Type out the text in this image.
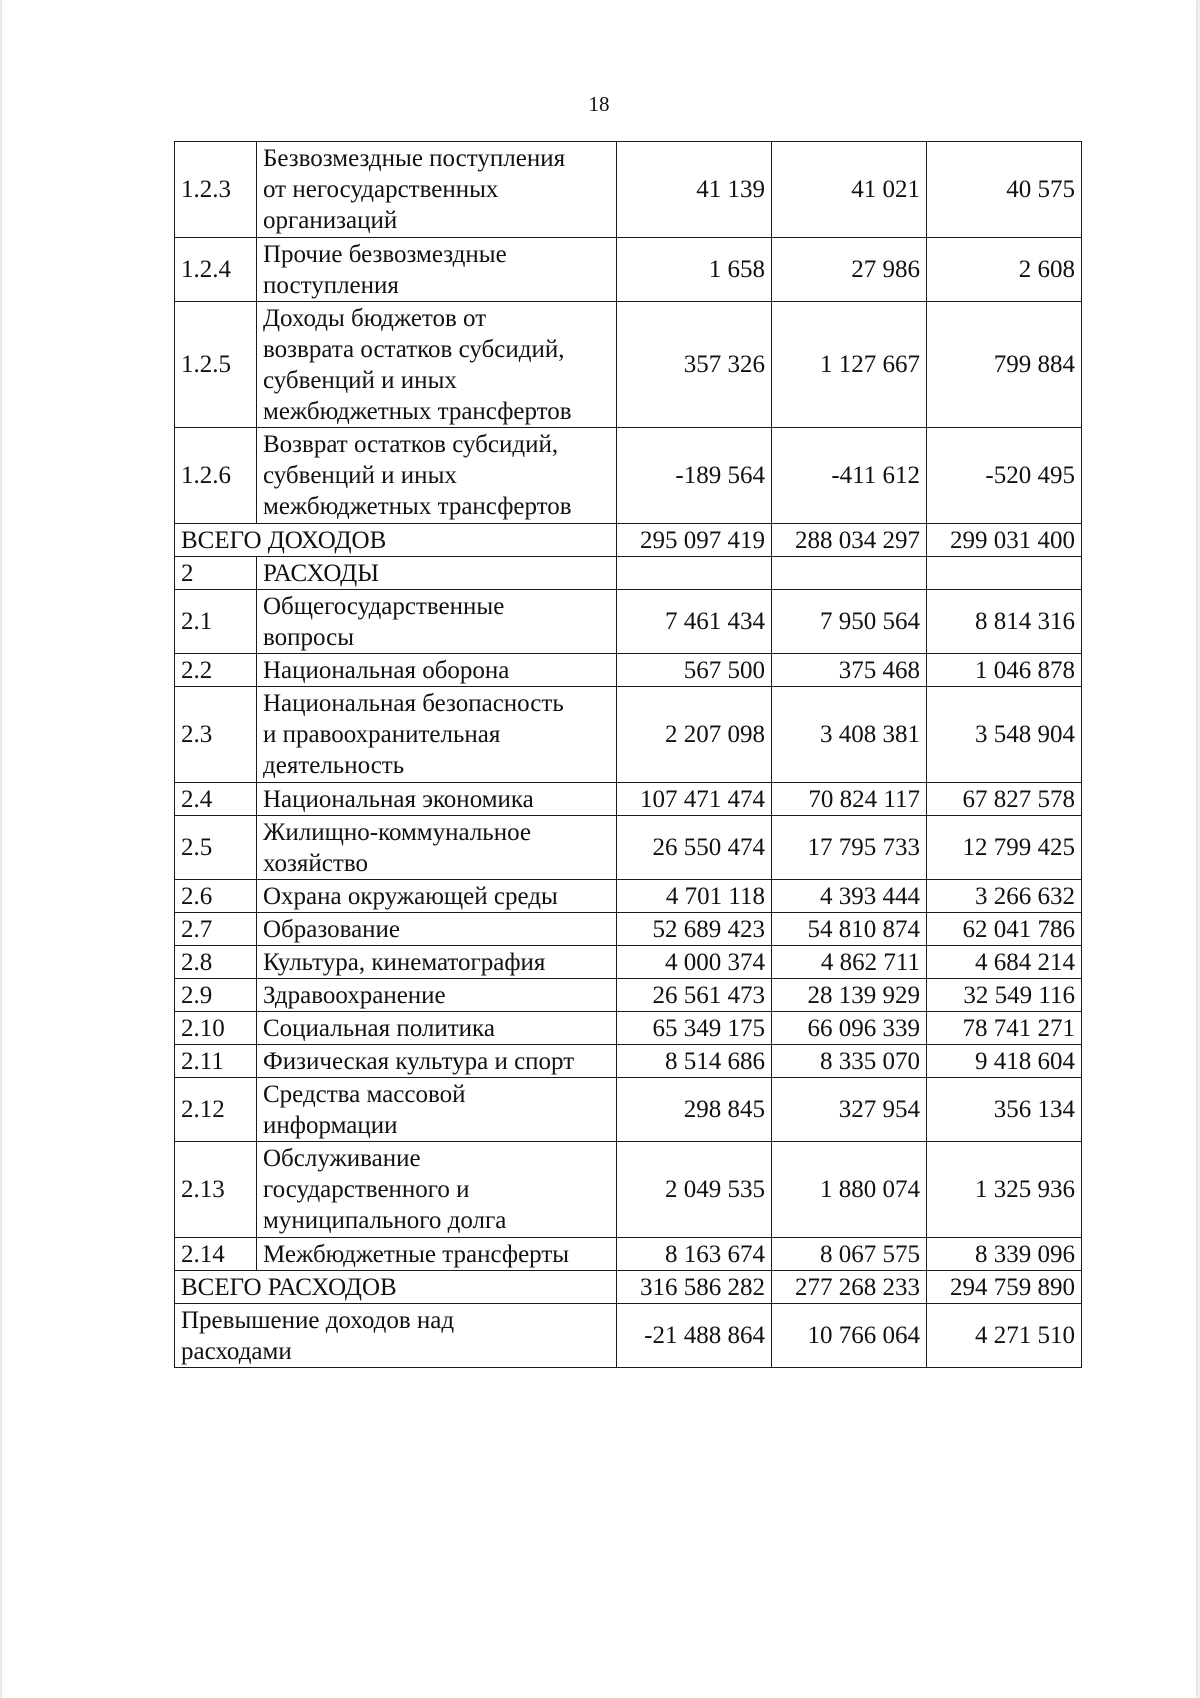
18
1.2.3	Безвозмездные поступления
от негосударственных
организаций	41 139	41 021	40 575
1.2.4	Прочие безвозмездные
поступления	1 658	27 986	2 608
1.2.5	Доходы бюджетов от
возврата остатков субсидий,
субвенций и иных
межбюджетных трансфертов	357 326	1 127 667	799 884
1.2.6	Возврат остатков субсидий,
субвенций и иных
межбюджетных трансфертов	-189 564	-411 612	-520 495
ВСЕГО ДОХОДОВ		295 097 419	288 034 297	299 031 400
2	РАСХОДЫ			
2.1	Общегосударственные
вопросы	7 461 434	7 950 564	8 814 316
2.2	Национальная оборона	567 500	375 468	1 046 878
2.3	Национальная безопасность
и правоохранительная
деятельность	2 207 098	3 408 381	3 548 904
2.4	Национальная экономика	107 471 474	70 824 117	67 827 578
2.5	Жилищно-коммунальное
хозяйство	26 550 474	17 795 733	12 799 425
2.6	Охрана окружающей среды	4 701 118	4 393 444	3 266 632
2.7	Образование	52 689 423	54 810 874	62 041 786
2.8	Культура, кинематография	4 000 374	4 862 711	4 684 214
2.9	Здравоохранение	26 561 473	28 139 929	32 549 116
2.10	Социальная политика	65 349 175	66 096 339	78 741 271
2.11	Физическая культура и спорт	8 514 686	8 335 070	9 418 604
2.12	Средства массовой
информации	298 845	327 954	356 134
2.13	Обслуживание
государственного и
муниципального долга	2 049 535	1 880 074	1 325 936
2.14	Межбюджетные трансферты	8 163 674	8 067 575	8 339 096
ВСЕГО РАСХОДОВ		316 586 282	277 268 233	294 759 890
Превышение доходов над
расходами		-21 488 864	10 766 064	4 271 510
